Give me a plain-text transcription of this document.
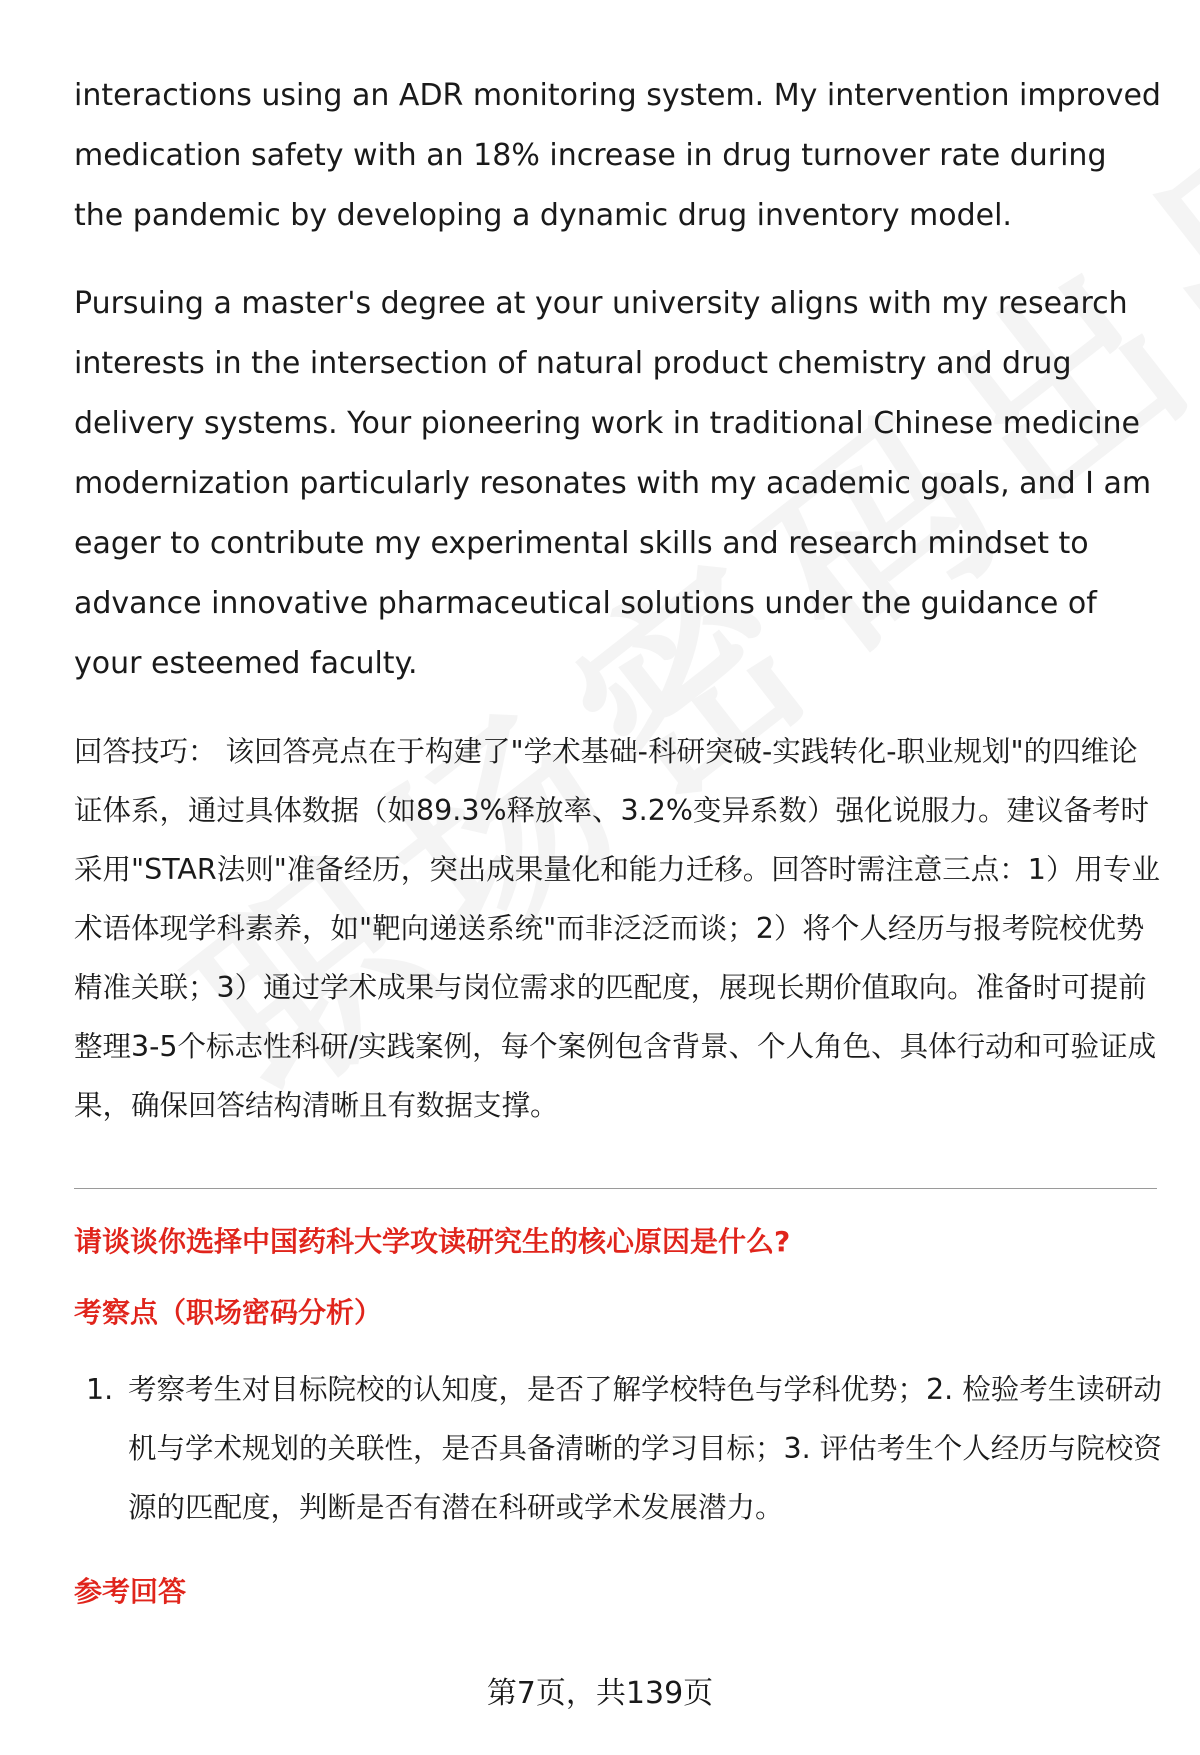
interactions using an ADR monitoring system. My intervention improved medication safety with an 18% increase in drug turnover rate during the pandemic by developing a dynamic drug inventory model.

Pursuing a master's degree at your university aligns with my research interests in the intersection of natural product chemistry and drug delivery systems. Your pioneering work in traditional Chinese medicine modernization particularly resonates with my academic goals, and I am eager to contribute my experimental skills and research mindset to advance innovative pharmaceutical solutions under the guidance of your esteemed faculty.

回答技巧： 该回答亮点在于构建了"学术基础-科研突破-实践转化-职业规划"的四维论证体系，通过具体数据（如89.3%释放率、3.2%变异系数）强化说服力。建议备考时采用"STAR法则"准备经历，突出成果量化和能力迁移。回答时需注意三点：1）用专业术语体现学科素养，如"靶向递送系统"而非泛泛而谈；2）将个人经历与报考院校优势精准关联；3）通过学术成果与岗位需求的匹配度，展现长期价值取向。准备时可提前整理3-5个标志性科研/实践案例，每个案例包含背景、个人角色、具体行动和可验证成果，确保回答结构清晰且有数据支撑。

请谈谈你选择中国药科大学攻读研究生的核心原因是什么?

考察点（职场密码分析）

1. 考察考生对目标院校的认知度，是否了解学校特色与学科优势；2. 检验考生读研动机与学术规划的关联性，是否具备清晰的学习目标；3. 评估考生个人经历与院校资源的匹配度，判断是否有潜在科研或学术发展潜力。

参考回答

第7页，共139页
